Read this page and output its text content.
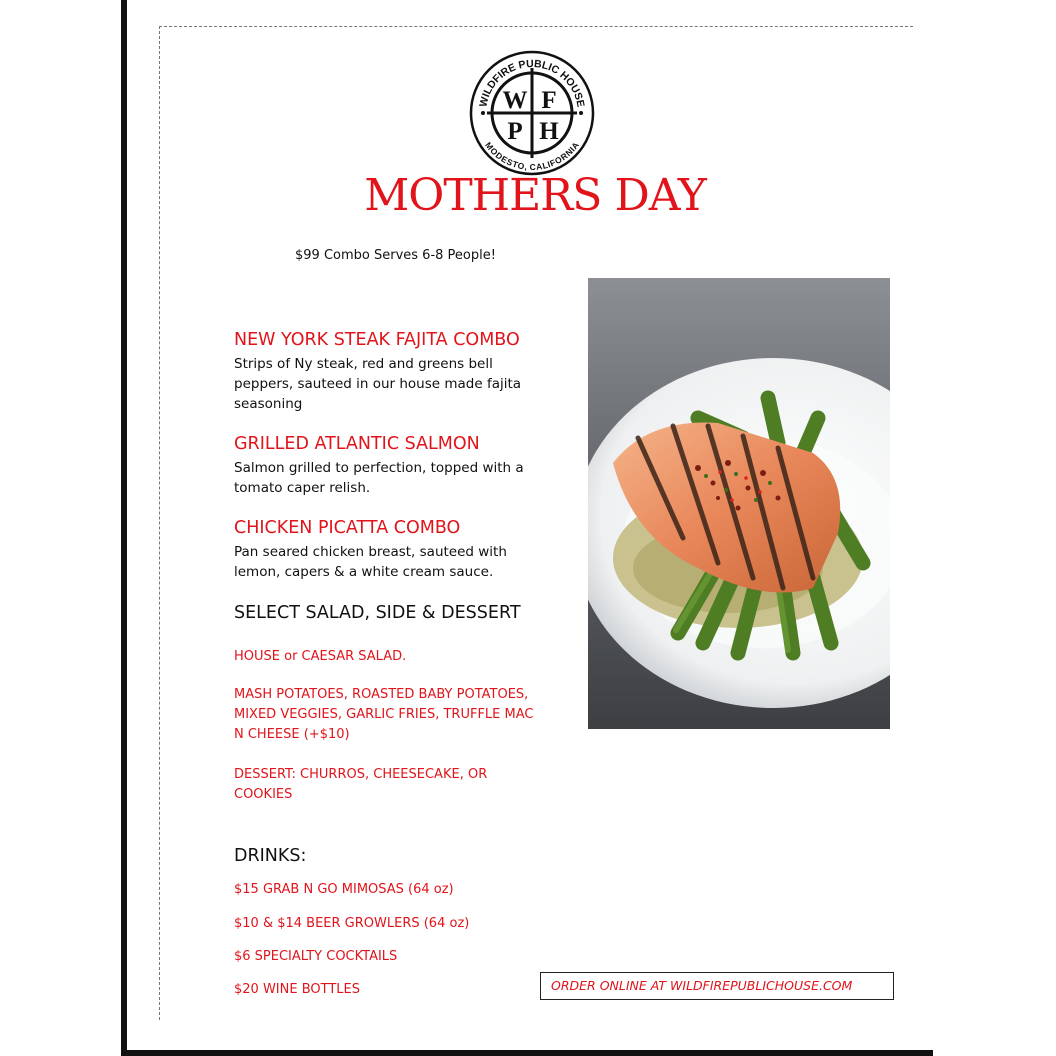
WILDFIRE PUBLIC HOUSE
MODESTO, CALIFORNIA
W F
P H
MOTHERS DAY
$99 Combo Serves 6-8 People!
NEW YORK STEAK FAJITA COMBO

Strips of Ny steak, red and greens bell peppers, sauteed in our house made fajita seasoning

GRILLED ATLANTIC SALMON

Salmon grilled to perfection, topped with a tomato caper relish.

CHICKEN PICATTA COMBO

Pan seared chicken breast, sauteed with lemon, capers & a white cream sauce.

SELECT SALAD, SIDE & DESSERT
HOUSE or CAESAR SALAD.
MASH POTATOES, ROASTED BABY POTATOES, MIXED VEGGIES, GARLIC FRIES, TRUFFLE MAC N CHEESE (+$10)
DESSERT: CHURROS, CHEESECAKE, OR COOKIES
DRINKS:
$15 GRAB N GO MIMOSAS (64 oz)
$10 & $14 BEER GROWLERS (64 oz)
$6 SPECIALTY COCKTAILS
$20 WINE BOTTLES	ORDER ONLINE AT WILDFIREPUBLICHOUSE.COM
